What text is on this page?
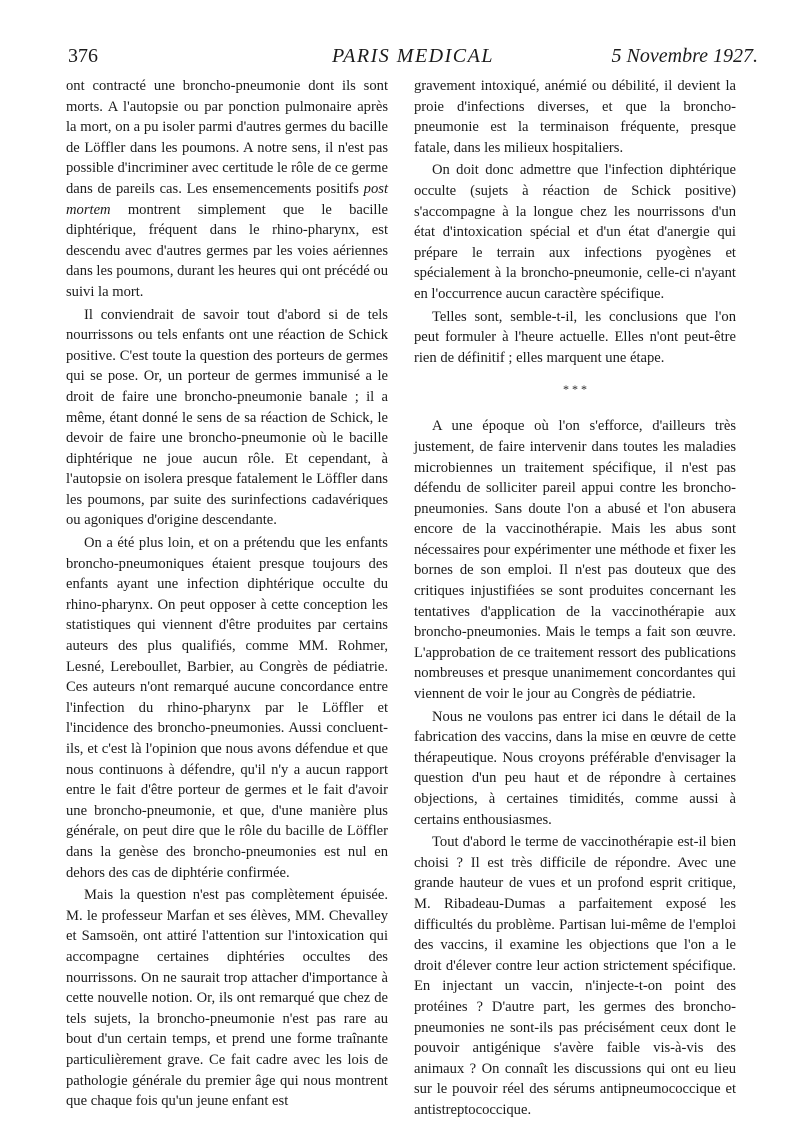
376	PARIS MEDICAL	5 Novembre 1927.

ont contracté une broncho-pneumonie dont ils sont morts. A l'autopsie ou par ponction pulmonaire après la mort, on a pu isoler parmi d'autres germes du bacille de Löffler dans les poumons. A notre sens, il n'est pas possible d'incriminer avec certitude le rôle de ce germe dans de pareils cas. Les ensemencements positifs post mortem montrent simplement que le bacille diphtérique, fréquent dans le rhino-pharynx, est descendu avec d'autres germes par les voies aériennes dans les poumons, durant les heures qui ont précédé ou suivi la mort.

Il conviendrait de savoir tout d'abord si de tels nourrissons ou tels enfants ont une réaction de Schick positive. C'est toute la question des porteurs de germes qui se pose. Or, un porteur de germes immunisé a le droit de faire une broncho-pneumonie banale ; il a même, étant donné le sens de sa réaction de Schick, le devoir de faire une broncho-pneumonie où le bacille diphtérique ne joue aucun rôle. Et cependant, à l'autopsie on isolera presque fatalement le Löffler dans les poumons, par suite des surinfections cadavériques ou agoniques d'origine descendante.

On a été plus loin, et on a prétendu que les enfants broncho-pneumoniques étaient presque toujours des enfants ayant une infection diphtérique occulte du rhino-pharynx. On peut opposer à cette conception les statistiques qui viennent d'être produites par certains auteurs des plus qualifiés, comme MM. Rohmer, Lesné, Lereboullet, Barbier, au Congrès de pédiatrie. Ces auteurs n'ont remarqué aucune concordance entre l'infection du rhino-pharynx par le Löffler et l'incidence des broncho-pneumonies. Aussi concluent-ils, et c'est là l'opinion que nous avons défendue et que nous continuons à défendre, qu'il n'y a aucun rapport entre le fait d'être porteur de germes et le fait d'avoir une broncho-pneumonie, et que, d'une manière plus générale, on peut dire que le rôle du bacille de Löffler dans la genèse des broncho-pneumonies est nul en dehors des cas de diphtérie confirmée.

Mais la question n'est pas complètement épuisée. M. le professeur Marfan et ses élèves, MM. Chevalley et Samsoën, ont attiré l'attention sur l'intoxication qui accompagne certaines diphtéries occultes des nourrissons. On ne saurait trop attacher d'importance à cette nouvelle notion. Or, ils ont remarqué que chez de tels sujets, la broncho-pneumonie n'est pas rare au bout d'un certain temps, et prend une forme traînante particulièrement grave. Ce fait cadre avec les lois de pathologie générale du premier âge qui nous montrent que chaque fois qu'un jeune enfant est

gravement intoxiqué, anémié ou débilité, il devient la proie d'infections diverses, et que la broncho-pneumonie est la terminaison fréquente, presque fatale, dans les milieux hospitaliers.

On doit donc admettre que l'infection diphtérique occulte (sujets à réaction de Schick positive) s'accompagne à la longue chez les nourrissons d'un état d'intoxication spécial et d'un état d'anergie qui prépare le terrain aux infections pyogènes et spécialement à la broncho-pneumonie, celle-ci n'ayant en l'occurrence aucun caractère spécifique.

Telles sont, semble-t-il, les conclusions que l'on peut formuler à l'heure actuelle. Elles n'ont peut-être rien de définitif ; elles marquent une étape.

* * *

A une époque où l'on s'efforce, d'ailleurs très justement, de faire intervenir dans toutes les maladies microbiennes un traitement spécifique, il n'est pas défendu de solliciter pareil appui contre les broncho-pneumonies. Sans doute l'on a abusé et l'on abusera encore de la vaccinothérapie. Mais les abus sont nécessaires pour expérimenter une méthode et fixer les bornes de son emploi. Il n'est pas douteux que des critiques injustifiées se sont produites concernant les tentatives d'application de la vaccinothérapie aux broncho-pneumonies. Mais le temps a fait son œuvre. L'approbation de ce traitement ressort des publications nombreuses et presque unanimement concordantes qui viennent de voir le jour au Congrès de pédiatrie.

Nous ne voulons pas entrer ici dans le détail de la fabrication des vaccins, dans la mise en œuvre de cette thérapeutique. Nous croyons préférable d'envisager la question d'un peu haut et de répondre à certaines objections, à certaines timidités, comme aussi à certains enthousiasmes.

Tout d'abord le terme de vaccinothérapie est-il bien choisi ? Il est très difficile de répondre. Avec une grande hauteur de vues et un profond esprit critique, M. Ribadeau-Dumas a parfaitement exposé les difficultés du problème. Partisan lui-même de l'emploi des vaccins, il examine les objections que l'on a le droit d'élever contre leur action strictement spécifique. En injectant un vaccin, n'injecte-t-on point des protéines ? D'autre part, les germes des broncho-pneumonies ne sont-ils pas précisément ceux dont le pouvoir antigénique s'avère faible vis-à-vis des animaux ? On connaît les discussions qui ont eu lieu sur le pouvoir réel des sérums antipneumococcique et antistreptococcique.
